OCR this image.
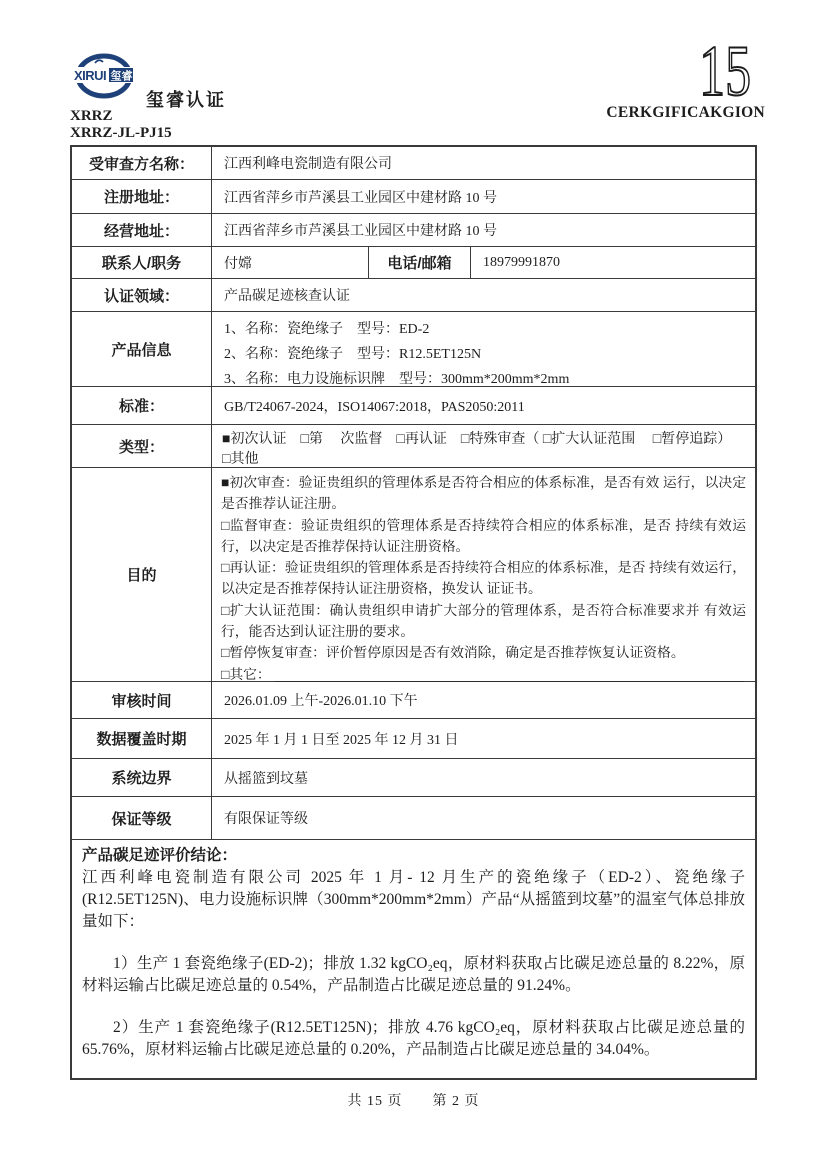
XIRUI 玺睿
玺睿认证
XRRZ
XRRZ-JL-PJ15
15
CERKGIFICAKGION
受审查方名称：	江西利峰电瓷制造有限公司
注册地址：	江西省萍乡市芦溪县工业园区中建材路 10 号
经营地址：	江西省萍乡市芦溪县工业园区中建材路 10 号
联系人/职务	付嫦	电话/邮箱	18979991870
认证领域：	产品碳足迹核查认证
产品信息
1、名称：瓷绝缘子　型号：ED-2
2、名称：瓷绝缘子　型号：R12.5ET125N
3、名称：电力设施标识牌　型号：300mm*200mm*2mm
标准：	GB/T24067-2024，ISO14067:2018，PAS2050:2011
类型：	■初次认证　□第　 次监督　□再认证　□特殊审查（ □扩大认证范围　 □暂停追踪）　□其他
目的
■初次审查：验证贵组织的管理体系是否符合相应的体系标准，是否有效 运行，以决定是否推荐认证注册。
□监督审查：验证贵组织的管理体系是否持续符合相应的体系标准，是否 持续有效运行，以决定是否推荐保持认证注册资格。
□再认证：验证贵组织的管理体系是否持续符合相应的体系标准，是否 持续有效运行，以决定是否推荐保持认证注册资格，换发认 证证书。
□扩大认证范围：确认贵组织申请扩大部分的管理体系，是否符合标准要求并 有效运行，能否达到认证注册的要求。
□暂停恢复审查：评价暂停原因是否有效消除，确定是否推荐恢复认证资格。
□其它：
审核时间	2026.01.09 上午-2026.01.10 下午
数据覆盖时期	2025 年 1 月 1 日至 2025 年 12 月 31 日
系统边界	从摇篮到坟墓
保证等级	有限保证等级
产品碳足迹评价结论：
江西利峰电瓷制造有限公司 2025 年 1 月- 12 月生产的瓷绝缘子（ED-2）、瓷绝缘子(R12.5ET125N)、电力设施标识牌（300mm*200mm*2mm）产品“从摇篮到坟墓”的温室气体总排放量如下：

1）生产 1 套瓷绝缘子(ED-2)；排放 1.32 kgCO₂eq，原材料获取占比碳足迹总量的 8.22%，原材料运输占比碳足迹总量的 0.54%，产品制造占比碳足迹总量的 91.24%。

2）生产 1 套瓷绝缘子(R12.5ET125N)；排放 4.76 kgCO₂eq，原材料获取占比碳足迹总量的 65.76%，原材料运输占比碳足迹总量的 0.20%，产品制造占比碳足迹总量的 34.04%。

共 15 页　　第 2 页
